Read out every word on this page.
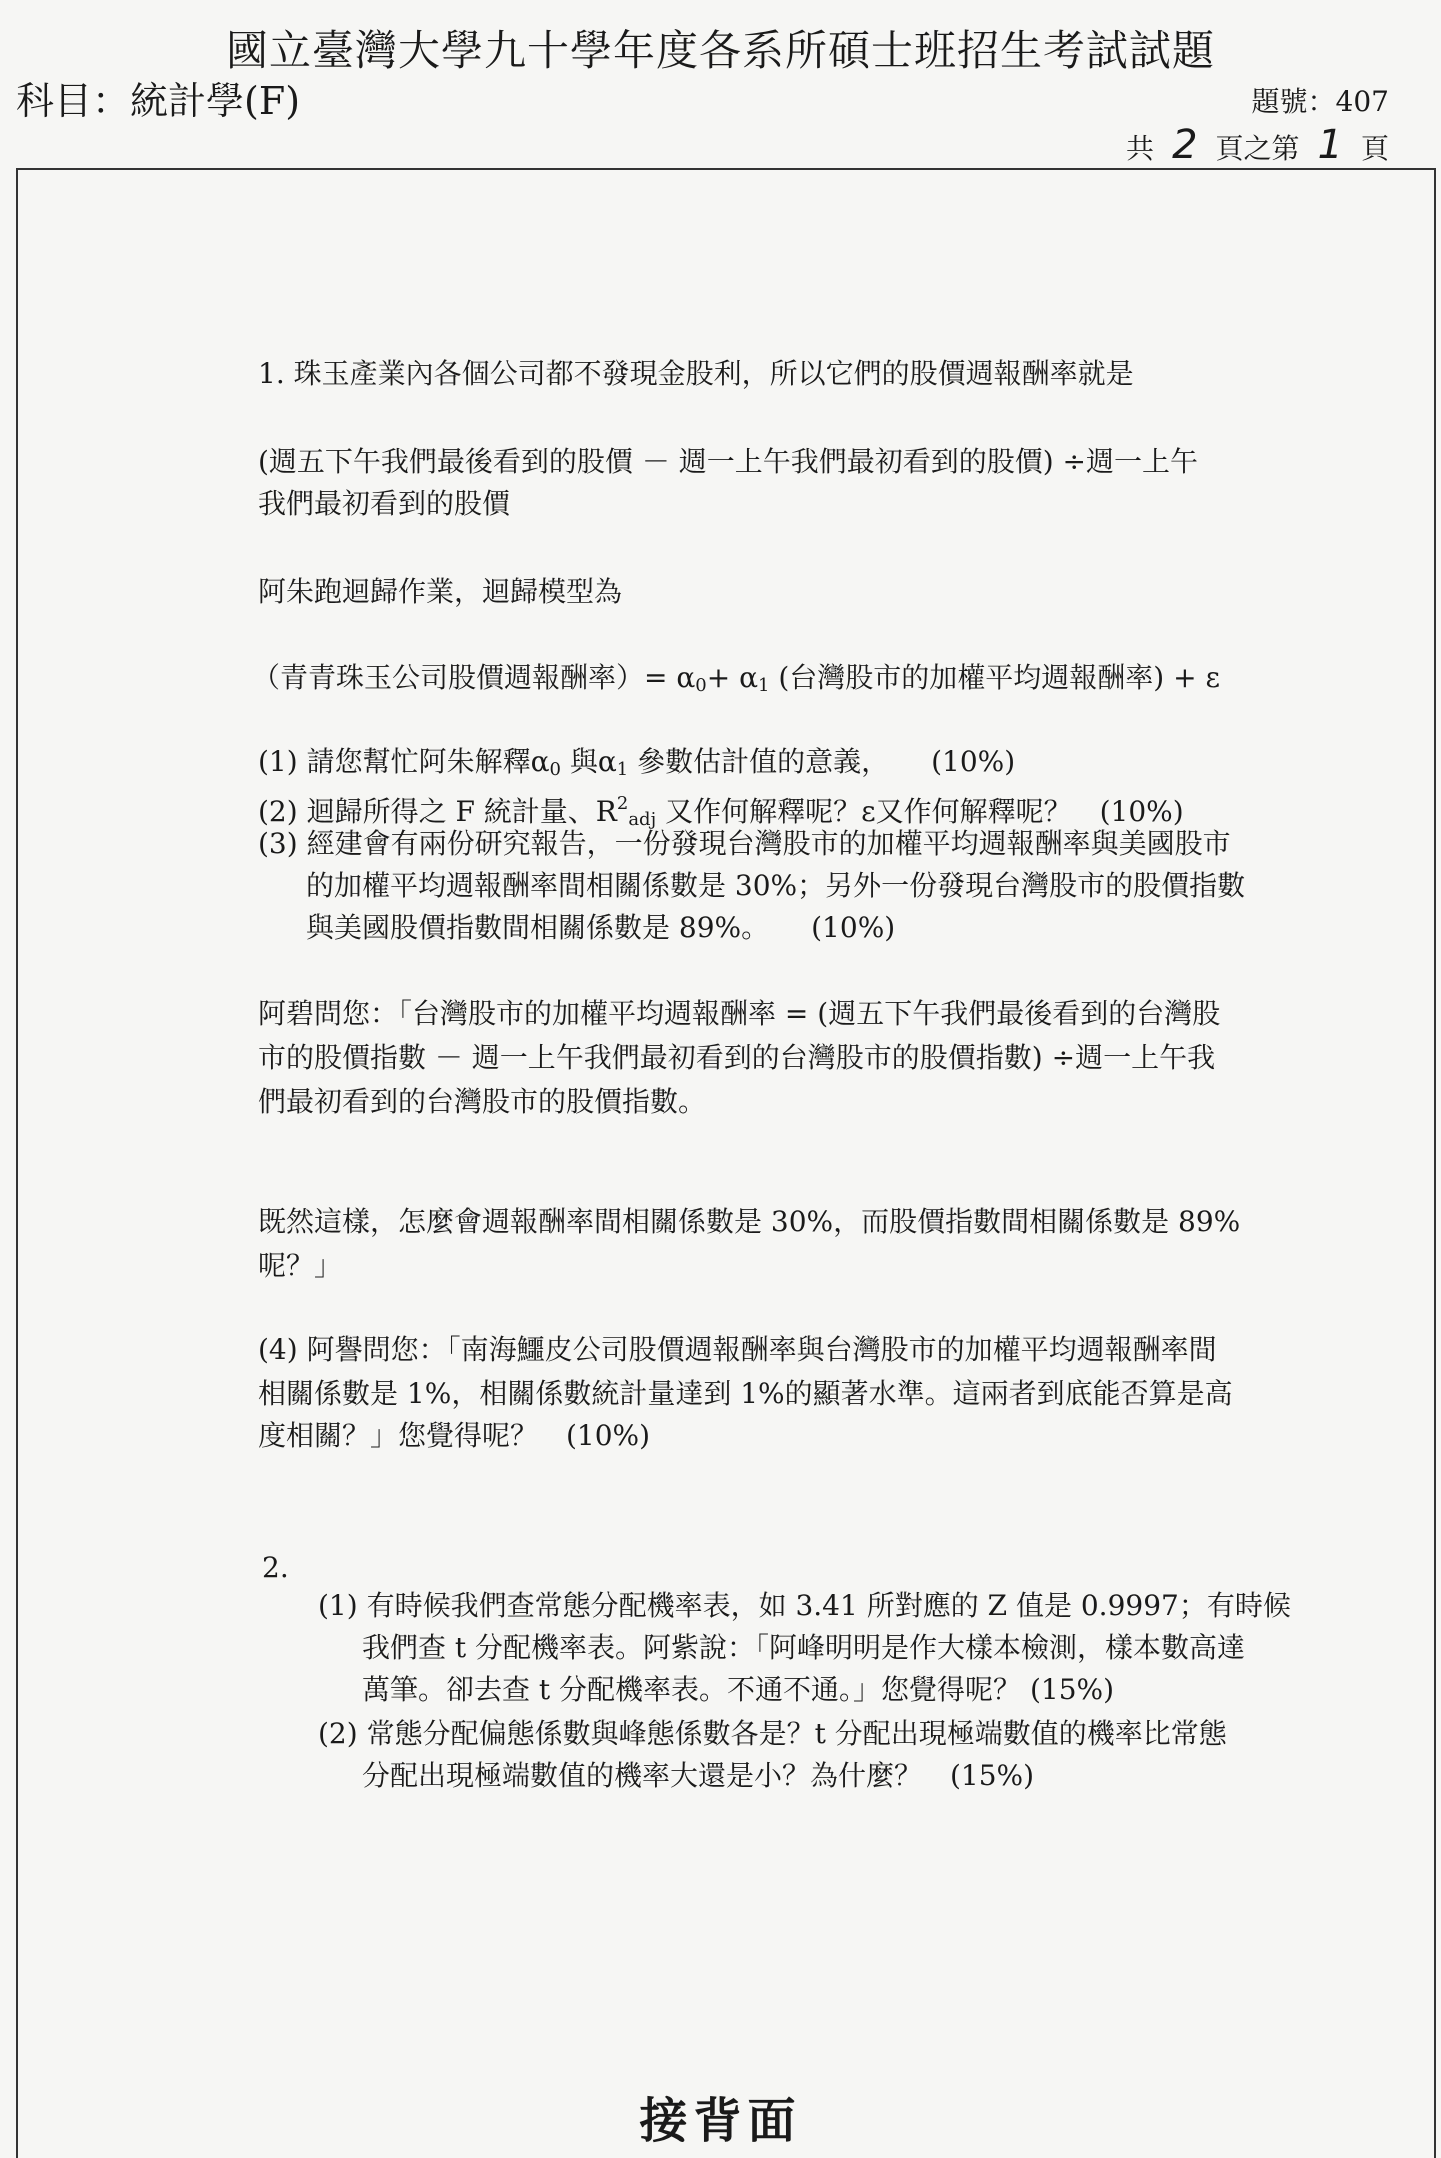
國立臺灣大學九十學年度各系所碩士班招生考試試題
科目：統計學(F)	題號：407
共 2 頁之第 1 頁
1. 珠玉產業內各個公司都不發現金股利，所以它們的股價週報酬率就是
(週五下午我們最後看到的股價 － 週一上午我們最初看到的股價) ÷週一上午
我們最初看到的股價
阿朱跑迴歸作業，迴歸模型為
（青青珠玉公司股價週報酬率）= $\alpha_0+ \alpha_1$ (台灣股市的加權平均週報酬率) + ε
(1) 請您幫忙阿朱解釋$\alpha_0$ 與$\alpha_1$ 參數估計值的意義，　　(10%)
(2) 迴歸所得之 F 統計量、$R^2_{adj}$ 又作何解釋呢？ε又作何解釋呢？　(10%)
(3) 經建會有兩份研究報告，一份發現台灣股市的加權平均週報酬率與美國股市
的加權平均週報酬率間相關係數是 30%；另外一份發現台灣股市的股價指數
與美國股價指數間相關係數是 89%。　　(10%)
阿碧問您：「台灣股市的加權平均週報酬率 = (週五下午我們最後看到的台灣股
市的股價指數 － 週一上午我們最初看到的台灣股市的股價指數) ÷週一上午我
們最初看到的台灣股市的股價指數。
既然這樣，怎麼會週報酬率間相關係數是 30%，而股價指數間相關係數是 89%
呢？」
(4) 阿譽問您：「南海鱷皮公司股價週報酬率與台灣股市的加權平均週報酬率間
相關係數是 1%，相關係數統計量達到 1%的顯著水準。這兩者到底能否算是高
度相關？」您覺得呢？　(10%)
2.
(1) 有時候我們查常態分配機率表，如 3.41 所對應的 Z 值是 0.9997；有時候
我們查 t 分配機率表。阿紫說：「阿峰明明是作大樣本檢測，樣本數高達
萬筆。卻去查 t 分配機率表。不通不通。」您覺得呢？ (15%)
(2) 常態分配偏態係數與峰態係數各是？t 分配出現極端數值的機率比常態
分配出現極端數值的機率大還是小？為什麼？　(15%)
接背面
